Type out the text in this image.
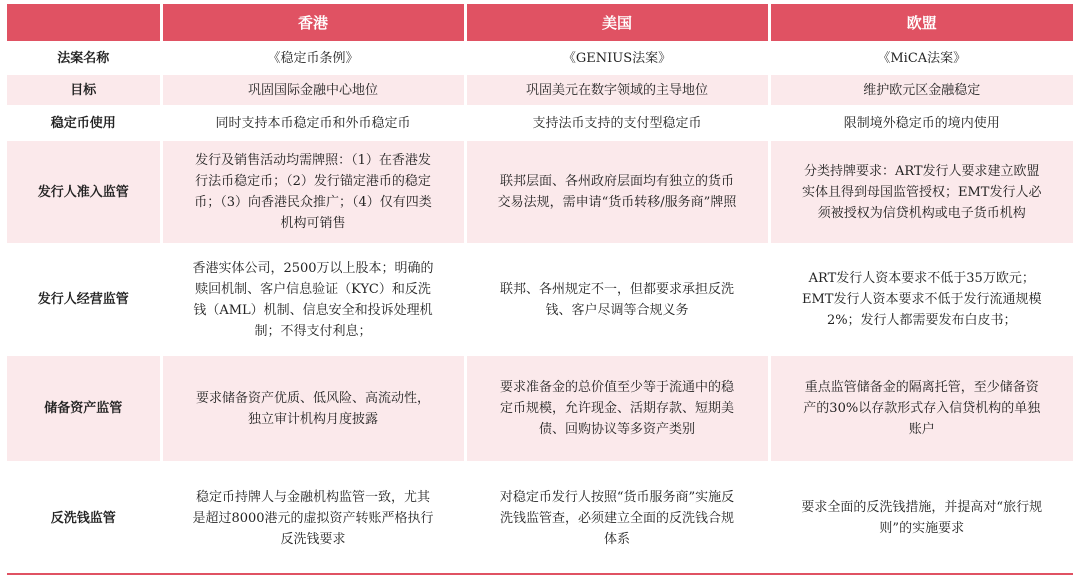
	香港	美国	欧盟
法案名称	《稳定币条例》	《GENIUS法案》	《MiCA法案》
目标	巩固国际金融中心地位	巩固美元在数字领域的主导地位	维护欧元区金融稳定
稳定币使用	同时支持本币稳定币和外币稳定币	支持法币支持的支付型稳定币	限制境外稳定币的境内使用
发行人准入监管	发行及销售活动均需牌照：（1）在香港发行法币稳定币；（2）发行锚定港币的稳定币；（3）向香港民众推广；（4）仅有四类机构可销售	联邦层面、各州政府层面均有独立的货币交易法规，需申请“货币转移/服务商”牌照	分类持牌要求：ART发行人要求建立欧盟实体且得到母国监管授权；EMT发行人必须被授权为信贷机构或电子货币机构
发行人经营监管	香港实体公司，2500万以上股本；明确的赎回机制、客户信息验证（KYC）和反洗钱（AML）机制、信息安全和投诉处理机制；不得支付利息；	联邦、各州规定不一，但都要求承担反洗钱、客户尽调等合规义务	ART发行人资本要求不低于35万欧元；EMT发行人资本要求不低于发行流通规模2%；发行人都需要发布白皮书；
储备资产监管	要求储备资产优质、低风险、高流动性，独立审计机构月度披露	要求准备金的总价值至少等于流通中的稳定币规模，允许现金、活期存款、短期美债、回购协议等多资产类别	重点监管储备金的隔离托管，至少储备资产的30%以存款形式存入信贷机构的单独账户
反洗钱监管	稳定币持牌人与金融机构监管一致，尤其是超过8000港元的虚拟资产转账严格执行反洗钱要求	对稳定币发行人按照“货币服务商”实施反洗钱监管查，必须建立全面的反洗钱合规体系	要求全面的反洗钱措施，并提高对“旅行规则”的实施要求
